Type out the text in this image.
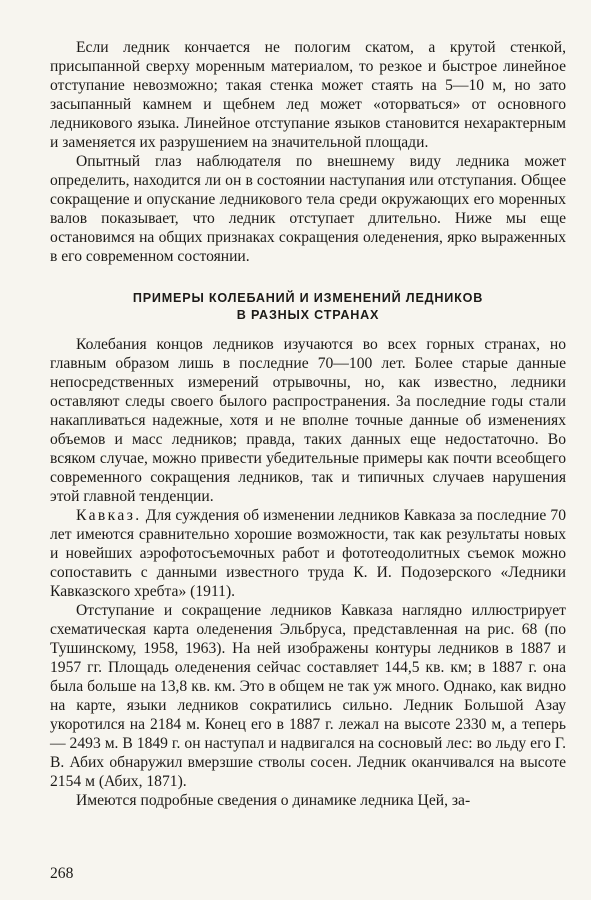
Если ледник кончается не пологим скатом, а крутой стенкой, присыпанной сверху моренным материалом, то резкое и быстрое линейное отступание невозможно; такая стенка может стаять на 5—10 м, но зато засыпанный камнем и щебнем лед может «оторваться» от основного ледникового языка. Линейное отступание языков становится нехарактерным и заменяется их разрушением на значительной площади.

Опытный глаз наблюдателя по внешнему виду ледника может определить, находится ли он в состоянии наступания или отступания. Общее сокращение и опускание ледникового тела среди окружающих его моренных валов показывает, что ледник отступает длительно. Ниже мы еще остановимся на общих признаках сокращения оледенения, ярко выраженных в его современном состоянии.

ПРИМЕРЫ КОЛЕБАНИЙ И ИЗМЕНЕНИЙ ЛЕДНИКОВ
В РАЗНЫХ СТРАНАХ

Колебания концов ледников изучаются во всех горных странах, но главным образом лишь в последние 70—100 лет. Более старые данные непосредственных измерений отрывочны, но, как известно, ледники оставляют следы своего былого распространения. За последние годы стали накапливаться надежные, хотя и не вполне точные данные об изменениях объемов и масс ледников; правда, таких данных еще недостаточно. Во всяком случае, можно привести убедительные примеры как почти всеобщего современного сокращения ледников, так и типичных случаев нарушения этой главной тенденции.

Кавказ. Для суждения об изменении ледников Кавказа за последние 70 лет имеются сравнительно хорошие возможности, так как результаты новых и новейших аэрофотосъемочных работ и фототеодолитных съемок можно сопоставить с данными известного труда К. И. Подозерского «Ледники Кавказского хребта» (1911).

Отступание и сокращение ледников Кавказа наглядно иллюстрирует схематическая карта оледенения Эльбруса, представленная на рис. 68 (по Тушинскому, 1958, 1963). На ней изображены контуры ледников в 1887 и 1957 гг. Площадь оледенения сейчас составляет 144,5 кв. км; в 1887 г. она была больше на 13,8 кв. км. Это в общем не так уж много. Однако, как видно на карте, языки ледников сократились сильно. Ледник Большой Азау укоротился на 2184 м. Конец его в 1887 г. лежал на высоте 2330 м, а теперь — 2493 м. В 1849 г. он наступал и надвигался на сосновый лес: во льду его Г. В. Абих обнаружил вмерзшие стволы сосен. Ледник оканчивался на высоте 2154 м (Абих, 1871).

Имеются подробные сведения о динамике ледника Цей, за-

268
